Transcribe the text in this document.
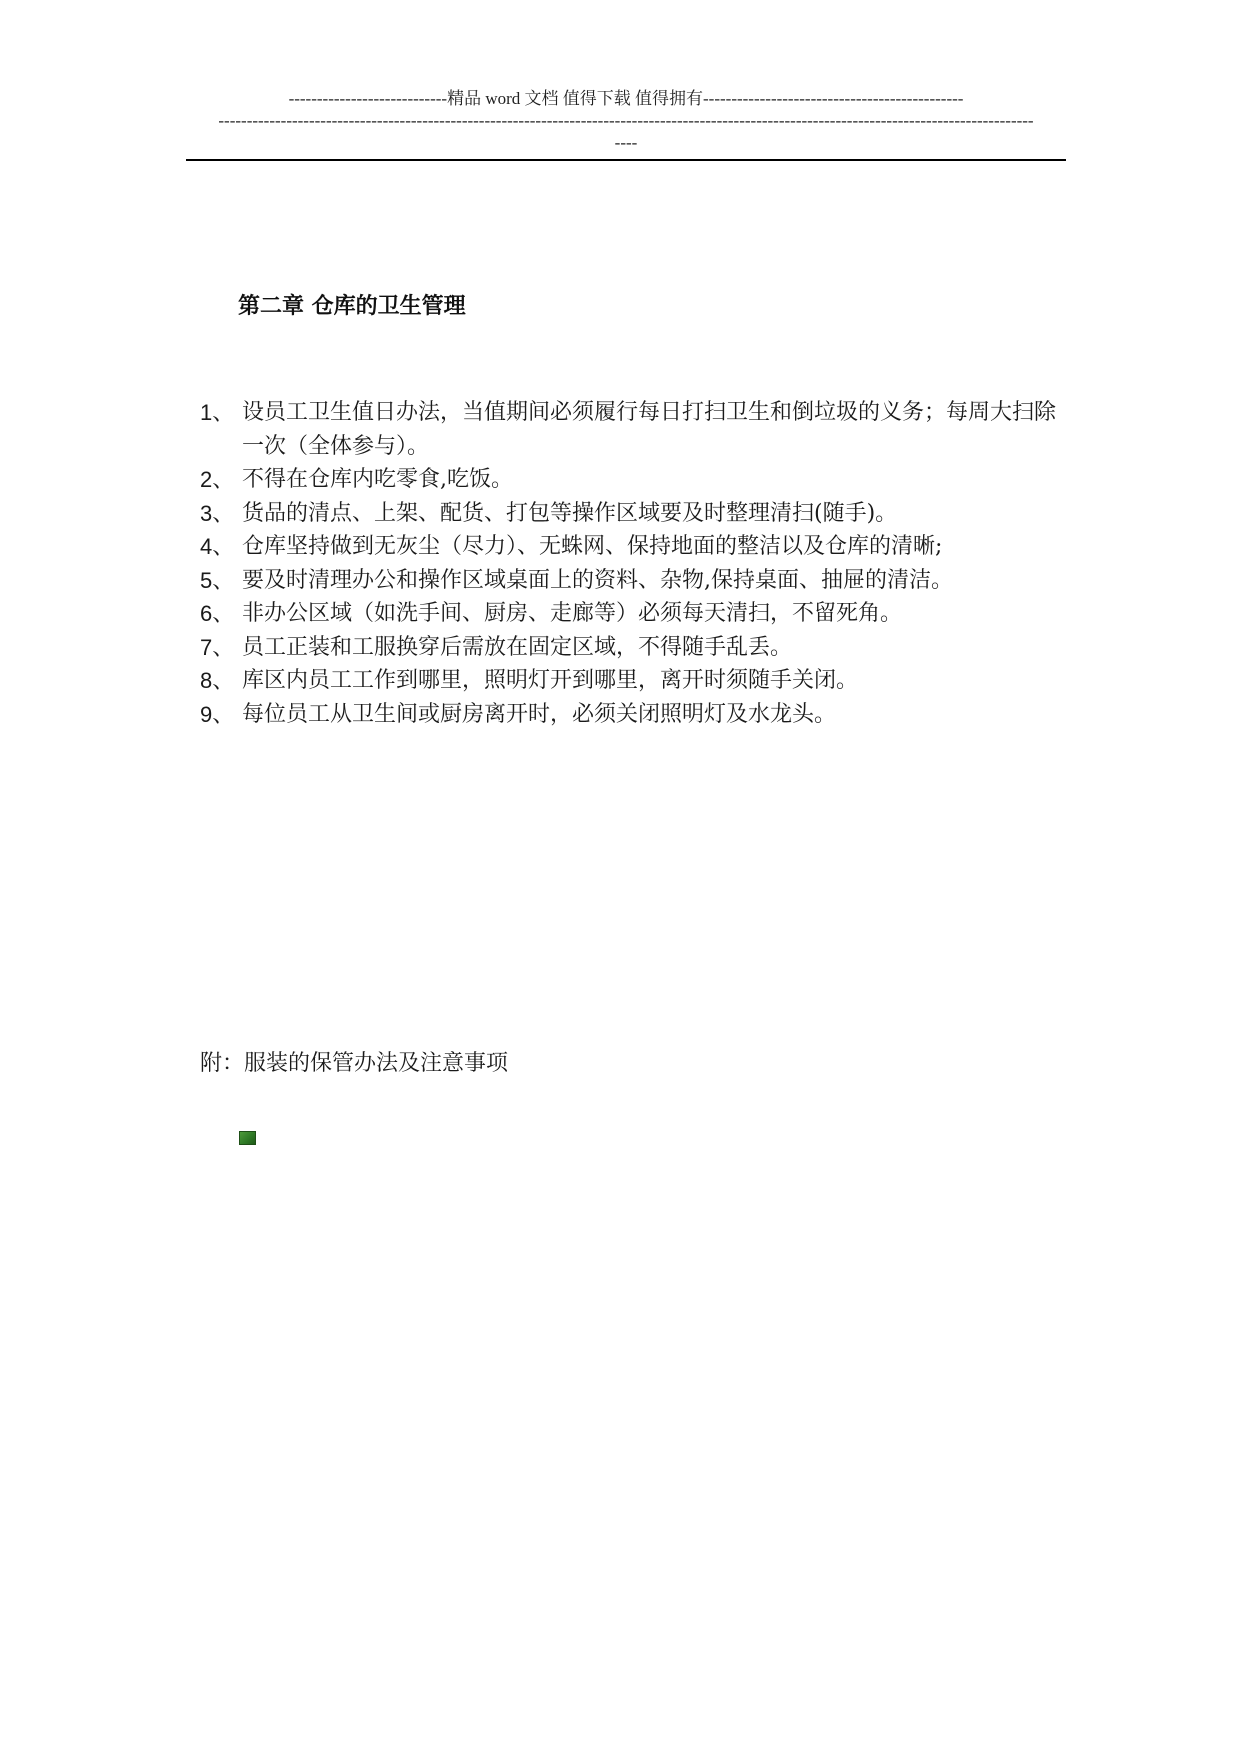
----------------------------精品 word 文档 值得下载 值得拥有----------------------------------------------
------------------------------------------------------------------------------------------------------------------------------------------------
----
第二章 仓库的卫生管理
1、 设员工卫生值日办法，当值期间必须履行每日打扫卫生和倒垃圾的义务；每周大扫除一次（全体参与）。
2、 不得在仓库内吃零食,吃饭。
3、 货品的清点、上架、配货、打包等操作区域要及时整理清扫(随手)。
4、 仓库坚持做到无灰尘（尽力）、无蛛网、保持地面的整洁以及仓库的清晰;
5、 要及时清理办公和操作区域桌面上的资料、杂物,保持桌面、抽屉的清洁。
6、 非办公区域（如洗手间、厨房、走廊等）必须每天清扫，不留死角。
7、 员工正装和工服换穿后需放在固定区域，不得随手乱丢。
8、 库区内员工工作到哪里，照明灯开到哪里，离开时须随手关闭。
9、 每位员工从卫生间或厨房离开时，必须关闭照明灯及水龙头。
附：服装的保管办法及注意事项
